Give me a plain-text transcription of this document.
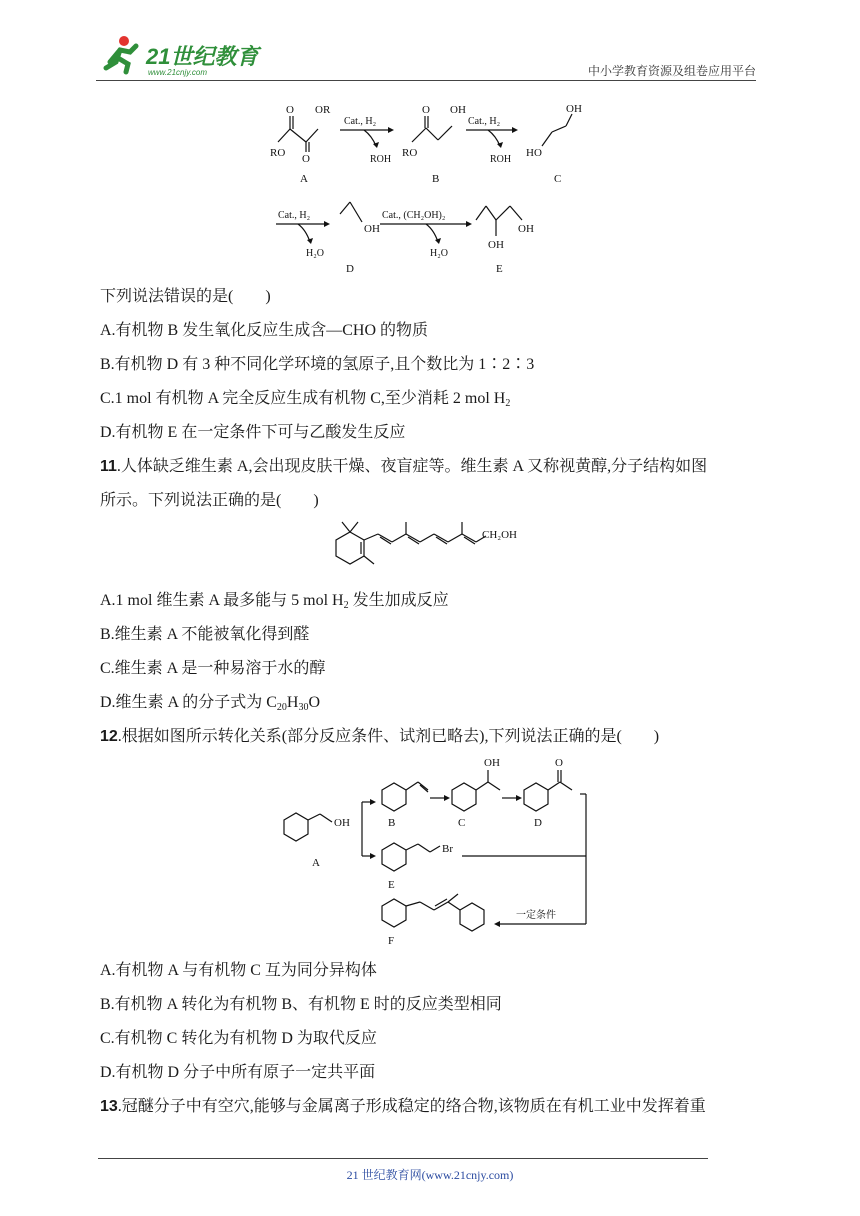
21世纪教育
www.21cnjy.com	中小学教育资源及组卷应用平台
O OR
RO O
O OH
RO
OH
HO
OH	OH
OH
Cat., H₂
ROH
Cat., H₂
ROH
Cat., H₂
H₂O
Cat., (CH₂OH)₂
H₂O
A	B	C
D	E
下列说法错误的是(　　)
A.有机物 B 发生氧化反应生成含—CHO 的物质
B.有机物 D 有 3 种不同化学环境的氢原子,且个数比为 1∶2∶3
C.1 mol 有机物 A 完全反应生成有机物 C,至少消耗 2 mol $H_2$
D.有机物 E 在一定条件下可与乙酸发生反应
11.人体缺乏维生素 A,会出现皮肤干燥、夜盲症等。维生素 A 又称视黄醇,分子结构如图
所示。下列说法正确的是(　　)
CH₂OH
A.1 mol 维生素 A 最多能与 5 mol $H_2$ 发生加成反应
B.维生素 A 不能被氧化得到醛
C.维生素 A 是一种易溶于水的醇
D.维生素 A 的分子式为 $C_{20}H_{30}O$
12.根据如图所示转化关系(部分反应条件、试剂已略去),下列说法正确的是(　　)
OH
OH	O
Br
一定条件
A
B	C	D
E
F
A.有机物 A 与有机物 C 互为同分异构体
B.有机物 A 转化为有机物 B、有机物 E 时的反应类型相同
C.有机物 C 转化为有机物 D 为取代反应
D.有机物 D 分子中所有原子一定共平面
13.冠醚分子中有空穴,能够与金属离子形成稳定的络合物,该物质在有机工业中发挥着重
21 世纪教育网(www.21cnjy.com)
